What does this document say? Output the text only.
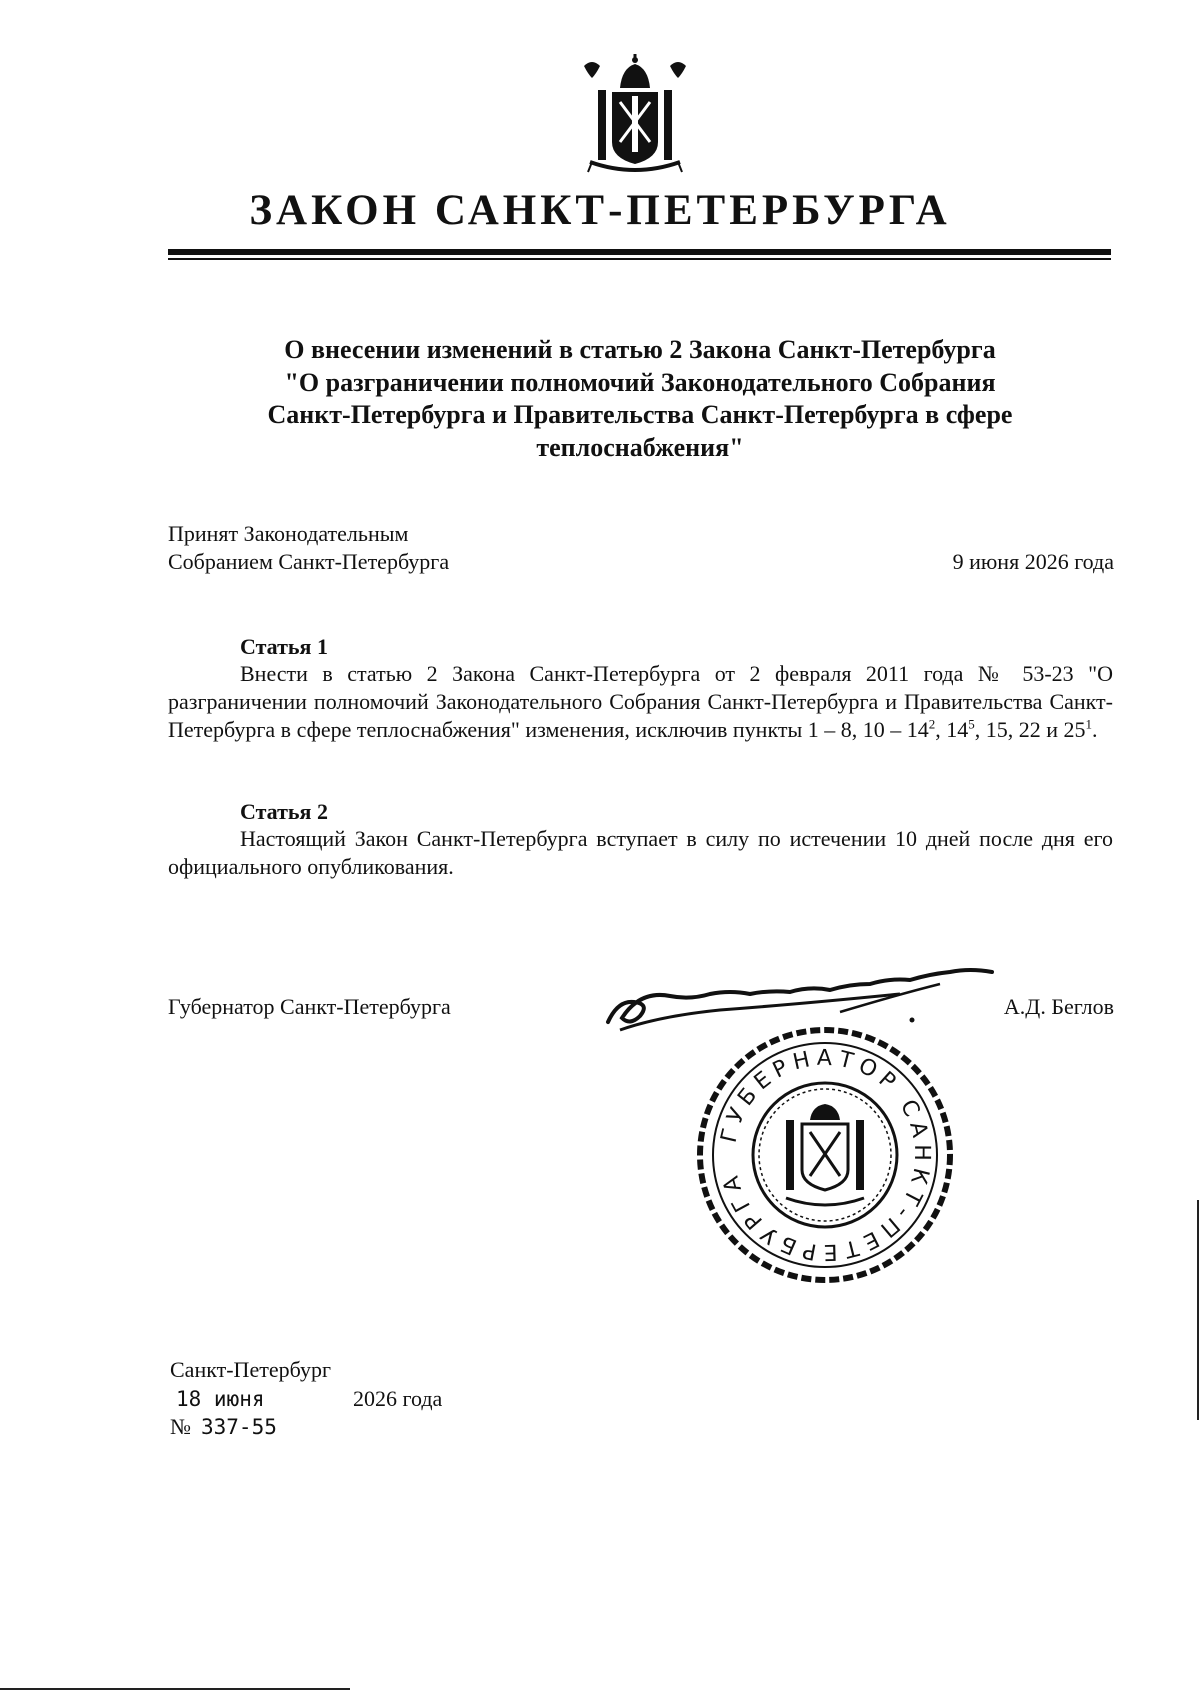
ЗАКОН САНКТ-ПЕТЕРБУРГА
О внесении изменений в статью 2 Закона Санкт-Петербурга
"О разграничении полномочий Законодательного Собрания
Санкт-Петербурга и Правительства Санкт-Петербурга в сфере
теплоснабжения"
Принят Законодательным
Собранием Санкт-Петербурга	9 июня 2026 года
Статья 1

Внести в статью 2 Закона Санкт-Петербурга от 2 февраля 2011 года № 53-23 "О разграничении полномочий Законодательного Собрания Санкт-Петербурга и Правительства Санкт-Петербурга в сфере теплоснабжения" изменения, исключив пункты 1 – 8, $10 - 14^2$, $14^5$, 15, 22 и $25^1$.

Статья 2

Настоящий Закон Санкт-Петербурга вступает в силу по истечении 10 дней после дня его официального опубликования.

Губернатор Санкт-Петербурга	А.Д. Беглов
ГУБЕРНАТОР САНКТ-ПЕТЕРБУРГА
Санкт-Петербург
18 июня	2026 года
№ 337-55
